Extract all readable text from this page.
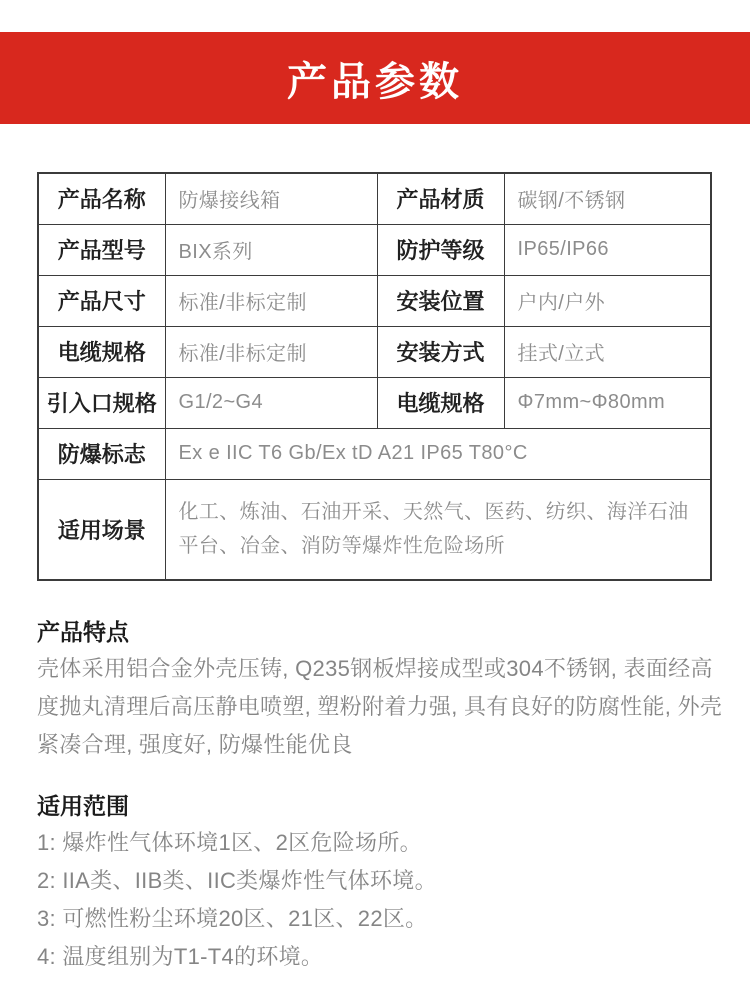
产品参数
产品名称	防爆接线箱	产品材质	碳钢/不锈钢
产品型号	BIX系列	防护等级	IP65/IP66
产品尺寸	标准/非标定制	安装位置	户内/户外
电缆规格	标准/非标定制	安装方式	挂式/立式
引入口规格	G1/2~G4	电缆规格	Φ7mm~Φ80mm
防爆标志	Ex e IIC T6 Gb/Ex tD A21 IP65 T80°C		
适用场景	化工、炼油、石油开采、天然气、医药、纺织、海洋石油平台、冶金、消防等爆炸性危险场所		
产品特点
壳体采用铝合金外壳压铸, Q235钢板焊接成型或304不锈钢, 表面经高度抛丸清理后高压静电喷塑, 塑粉附着力强, 具有良好的防腐性能, 外壳紧凑合理, 强度好, 防爆性能优良
适用范围
1: 爆炸性气体环境1区、2区危险场所。
2: IIA类、IIB类、IIC类爆炸性气体环境。
3: 可燃性粉尘环境20区、21区、22区。
4: 温度组别为T1-T4的环境。
